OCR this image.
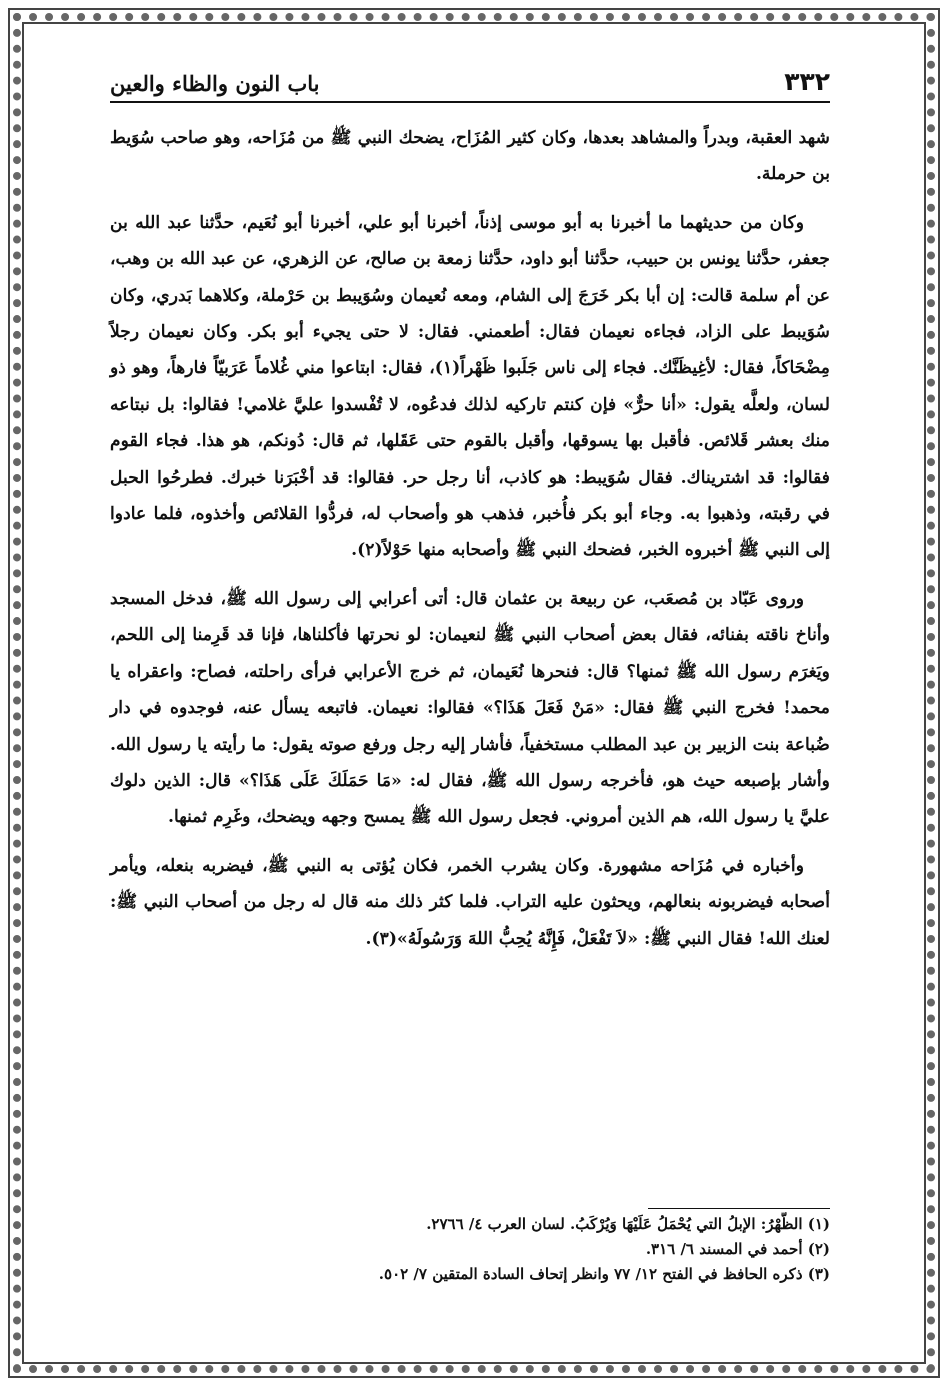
٣٣٢
باب النون والظاء والعين

شهد العقبة، وبدراً والمشاهد بعدها، وكان كثير المُزَاح، يضحك النبي ﷺ من مُزَاحه، وهو صاحب سُوَيط بن حرملة.

وكان من حديثهما ما أخبرنا به أبو موسى إذناً، أخبرنا أبو علي، أخبرنا أبو نُعَيم، حدَّثنا عبد الله بن جعفر، حدَّثنا يونس بن حبيب، حدَّثنا أبو داود، حدَّثنا زمعة بن صالح، عن الزهري، عن عبد الله بن وهب، عن أم سلمة قالت: إن أبا بكر خَرَجَ إلى الشام، ومعه نُعيمان وسُوَيبط بن حَرْملة، وكلاهما بَدري، وكان سُوَيبط على الزاد، فجاءه نعيمان فقال: أطعمني. فقال: لا حتى يجيء أبو بكر. وكان نعيمان رجلاً مِضْحَاكاً، فقال: لأغِيظَنَّك. فجاء إلى ناس جَلَبوا ظَهْراً(١)، فقال: ابتاعوا مني غُلاماً عَرَبيّاً فارهاً، وهو ذو لسان، ولعلَّه يقول: «أنا حرٌّ» فإن كنتم تاركيه لذلك فدعُوه، لا تُفْسدوا عليَّ غلامي! فقالوا: بل نبتاعه منك بعشر قَلائص. فأقبل بها يسوقها، وأقبل بالقوم حتى عَقَلها، ثم قال: دُونكم، هو هذا. فجاء القوم فقالوا: قد اشتريناك. فقال سُوَيبط: هو كاذب، أنا رجل حر. فقالوا: قد أخْبَرَنا خبرك. فطرحُوا الحبل في رقبته، وذهبوا به. وجاء أبو بكر فأُخبر، فذهب هو وأصحاب له، فردُّوا القلائص وأخذوه، فلما عادوا إلى النبي ﷺ أخبروه الخبر، فضحك النبي ﷺ وأصحابه منها حَوْلاً(٢).

وروى عَبّاد بن مُصعَب، عن ربيعة بن عثمان قال: أتى أعرابي إلى رسول الله ﷺ، فدخل المسجد وأناخ ناقته بفنائه، فقال بعض أصحاب النبي ﷺ لنعيمان: لو نحرتها فأكلناها، فإنا قد قَرِمنا إلى اللحم، ويَغرَم رسول الله ﷺ ثمنها؟ قال: فنحرها نُعَيمان، ثم خرج الأعرابي فرأى راحلته، فصاح: واعقراه يا محمد! فخرج النبي ﷺ فقال: «مَنْ فَعَلَ هَذَا؟» فقالوا: نعيمان. فاتبعه يسأل عنه، فوجدوه في دار ضُباعة بنت الزبير بن عبد المطلب مستخفياً، فأشار إليه رجل ورفع صوته يقول: ما رأيته يا رسول الله. وأشار بإصبعه حيث هو، فأخرجه رسول الله ﷺ، فقال له: «مَا حَمَلَكَ عَلَى هَذَا؟» قال: الذين دلوك عليَّ يا رسول الله، هم الذين أمروني. فجعل رسول الله ﷺ يمسح وجهه ويضحك، وغَرِم ثمنها.

وأخباره في مُزَاحه مشهورة. وكان يشرب الخمر، فكان يُؤتى به النبي ﷺ، فيضربه بنعله، ويأمر أصحابه فيضربونه بنعالهم، ويحثون عليه التراب. فلما كثر ذلك منه قال له رجل من أصحاب النبي ﷺ: لعنك الله! فقال النبي ﷺ: «لاَ تَفْعَلْ، فَإِنَّهُ يُحِبُّ اللهَ وَرَسُولَهُ»(٣).

(١) الظَّهْرُ: الإبلُ التي يُحْمَلُ عَلَيْهَا وَيُرْكَبُ. لسان العرب ٤/ ٢٧٦٦.
(٢) أحمد في المسند ٦/ ٣١٦.
(٣) ذكره الحافظ في الفتح ١٢/ ٧٧ وانظر إتحاف السادة المتقين ٧/ ٥٠٢.
